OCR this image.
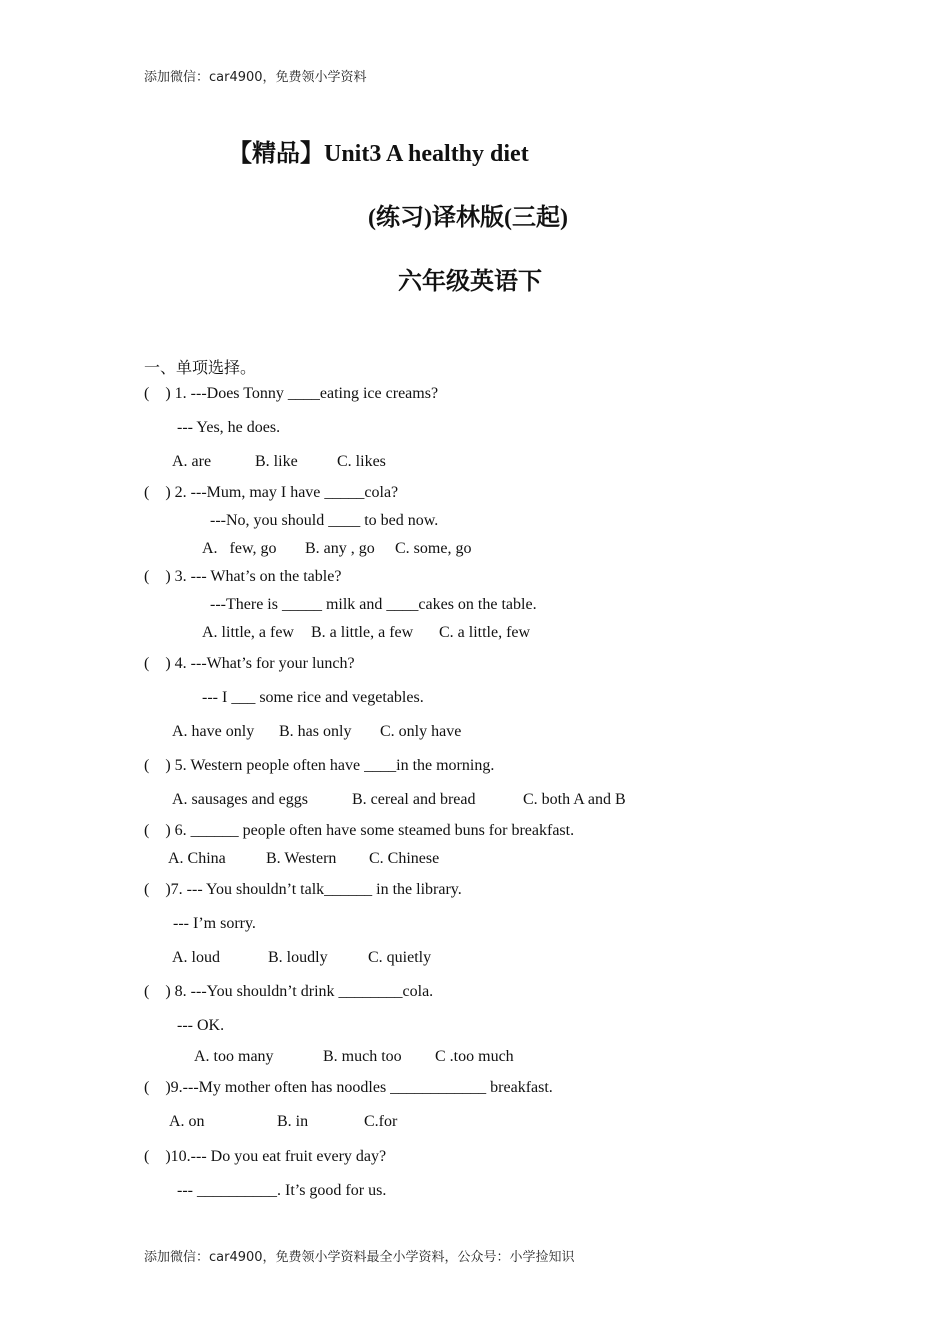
添加微信：car4900，免费领小学资料
【精品】Unit3 A healthy diet
(练习)译林版(三起)
六年级英语下
一、单项选择。
(    ) 1. ---Does Tonny ____eating ice creams?
--- Yes, he does.
A. are	B. like C. likes
(    ) 2. ---Mum, may I have _____cola?
---No, you should ____ to bed now.
A.   few, go B. any , go C. some, go
(    ) 3. --- What’s on the table?
---There is _____ milk and ____cakes on the table.
A. little, a few B. a little, a few C. a little, few
(    ) 4. ---What’s for your lunch?
--- I ___ some rice and vegetables.
A. have only B. has only C. only have
(    ) 5. Western people often have ____in the morning.
A. sausages and eggs	B. cereal and bread	C. both A and B
(    ) 6. ______ people often have some steamed buns for breakfast.
A. China	B. Western C. Chinese
(    )7. --- You shouldn’t talk______ in the library.
--- I’m sorry.
A. loud	B. loudly	C. quietly
(    ) 8. ---You shouldn’t drink ________cola.
--- OK.
A. too many	B. much too C .too much
(    )9.---My mother often has noodles ____________ breakfast.
A. on	B. in	C.for
(    )10.--- Do you eat fruit every day?
--- __________. It’s good for us.
添加微信：car4900，免费领小学资料最全小学资料，公众号：小学捡知识
